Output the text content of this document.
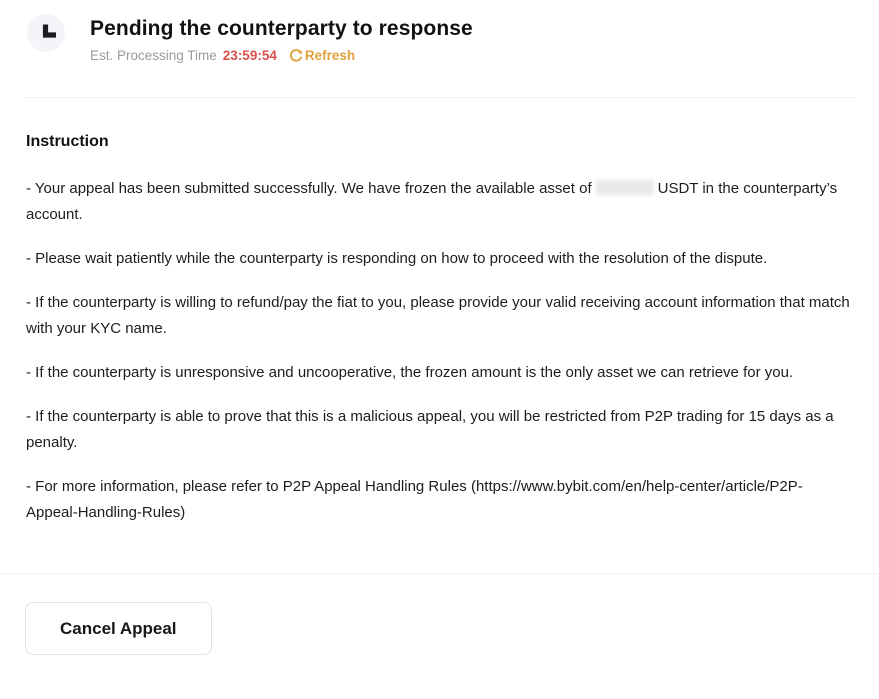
Pending the counterparty to response
Est. Processing Time 23:59:54 Refresh
Instruction

- Your appeal has been submitted successfully. We have frozen the available asset of	USDT in the counterparty’s account.

- Please wait patiently while the counterparty is responding on how to proceed with the resolution of the dispute.

- If the counterparty is willing to refund/pay the fiat to you, please provide your valid receiving account information that match with your KYC name.

- If the counterparty is unresponsive and uncooperative, the frozen amount is the only asset we can retrieve for you.

- If the counterparty is able to prove that this is a malicious appeal, you will be restricted from P2P trading for 15 days as a penalty.

- For more information, please refer to P2P Appeal Handling Rules (https://www.bybit.com/en/help-center/article/P2P-Appeal-Handling-Rules)

Cancel Appeal
